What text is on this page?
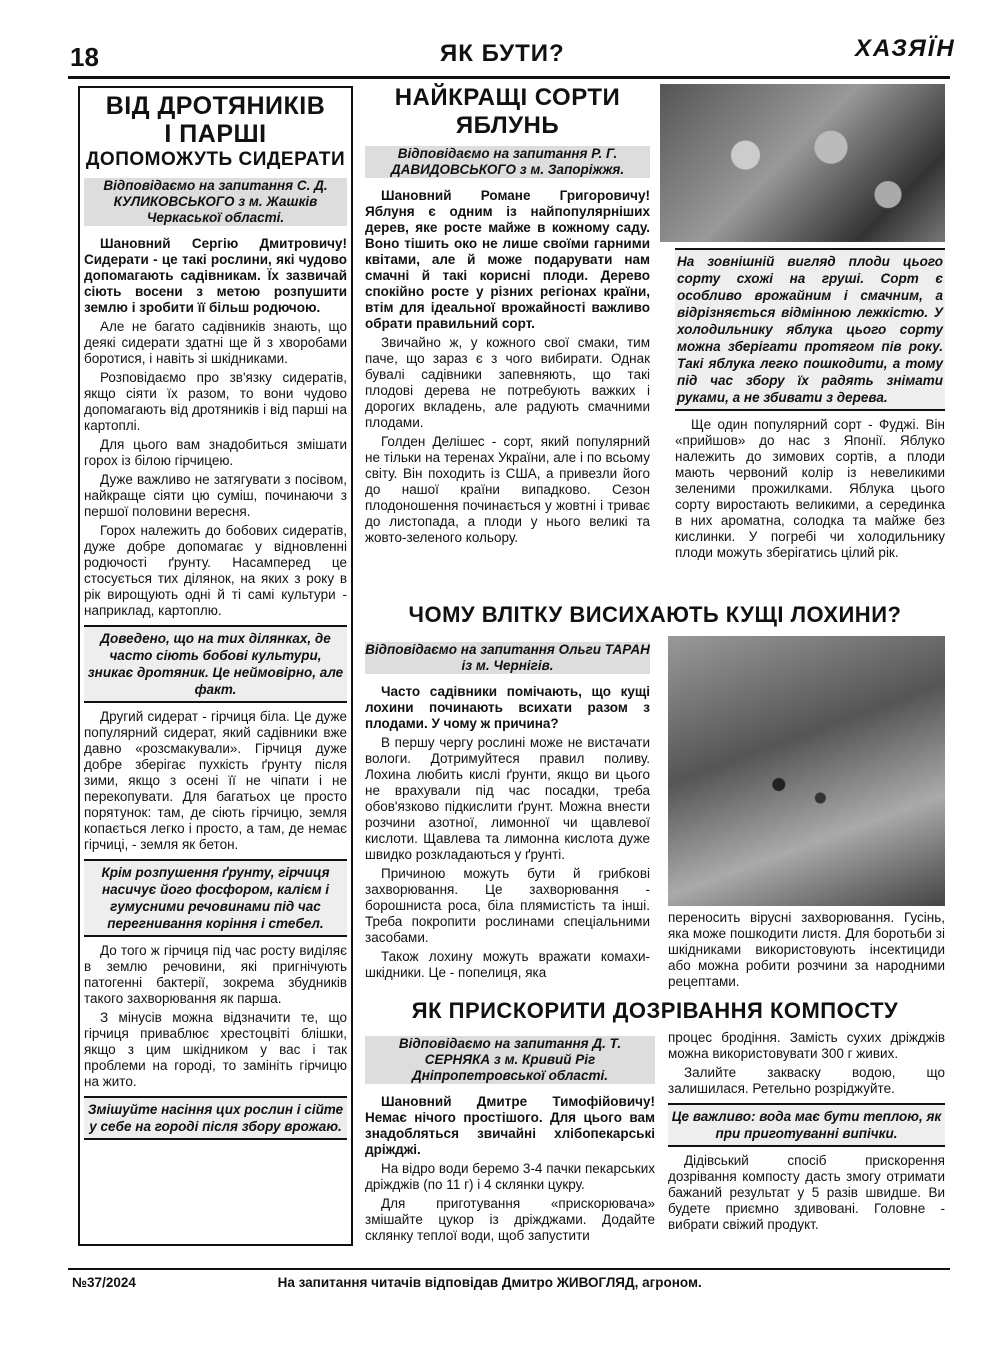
18	ЯК БУТИ?	ХАЗЯЇН
ВІД ДРОТЯНИКІВ
І ПАРШІ
ДОПОМОЖУТЬ СИДЕРАТИ
Відповідаємо на запитання С. Д. КУЛИКОВСЬКОГО з м. Жашків Черкаської області.

Шановний Сергію Дмитровичу! Сидерати - це такі рослини, які чудово допомагають садівникам. Їх зазвичай сіють восени з метою розпушити землю і зробити її більш родючою.

Але не багато садівників знають, що деякі сидерати здатні ще й з хворобами боротися, і навіть зі шкідниками.

Розповідаємо про зв'язку сидератів, якщо сіяти їх разом, то вони чудово допомагають від дротяників і від парші на картоплі.

Для цього вам знадобиться змішати горох із білою гірчицею.

Дуже важливо не затягувати з посівом, найкраще сіяти цю суміш, починаючи з першої половини вересня.

Горох належить до бобових сидератів, дуже добре допомагає у відновленні родючості ґрунту. Насамперед це стосується тих ділянок, на яких з року в рік вирощують одні й ті самі культури - наприклад, картоплю.

Доведено, що на тих ділянках, де часто сіють бобові культури, зникає дротяник. Це неймовірно, але факт.

Другий сидерат - гірчиця біла. Це дуже популярний сидерат, який садівники вже давно «розсмакували». Гірчиця дуже добре зберігає пухкість ґрунту після зими, якщо з осені її не чіпати і не перекопувати. Для багатьох це просто порятунок: там, де сіють гірчицю, земля копається легко і просто, а там, де немає гірчиці, - земля як бетон.

Крім розпушення ґрунту, гірчиця насичує його фосфором, калієм і гумусними речовинами під час перегнивання коріння і стебел.

До того ж гірчиця під час росту виділяє в землю речовини, які пригнічують патогенні бактерії, зокрема збудників такого захворювання як парша.

З мінусів можна відзначити те, що гірчиця приваблює хрестоцвіті блішки, якщо з цим шкідником у вас і так проблеми на городі, то замініть гірчицю на жито.

Змішуйте насіння цих рослин і сійте у себе на городі після збору врожаю.
НАЙКРАЩІ СОРТИ
ЯБЛУНЬ
Відповідаємо на запитання Р. Г. ДАВИДОВСЬКОГО з м. Запоріжжя.

Шановний Романе Григоровичу! Яблуня є одним із найпопулярніших дерев, яке росте майже в кожному саду. Воно тішить око не лише своїми гарними квітами, але й може подарувати нам смачні й такі корисні плоди. Дерево спокійно росте у різних регіонах країни, втім для ідеальної врожайності важливо обрати правильний сорт.

Звичайно ж, у кожного свої смаки, тим паче, що зараз є з чого вибирати. Однак бувалі садівники запевняють, що такі плодові дерева не потребують важких і дорогих вкладень, але радують смачними плодами.

Голден Делішес - сорт, який популярний не тільки на теренах України, але і по всьому світу. Він походить із США, а привезли його до нашої країни випадково. Сезон плодоношення починається у жовтні і триває до листопада, а плоди у нього великі та жовто-зеленого кольору.

На зовнішній вигляд плоди цього сорту схожі на груші. Сорт є особливо врожайним і смачним, а відрізняється відмінною лежкістю. У холодильнику яблука цього сорту можна зберігати протягом пів року. Такі яблука легко пошкодити, а тому під час збору їх радять знімати руками, а не збивати з дерева.

Ще один популярний сорт - Фуджі. Він «прийшов» до нас з Японії. Яблуко належить до зимових сортів, а плоди мають червоний колір із невеликими зеленими прожилками. Яблука цього сорту виростають великими, а серединка в них ароматна, солодка та майже без кислинки. У погребі чи холодильнику плоди можуть зберігатись цілий рік.

ЧОМУ ВЛІТКУ ВИСИХАЮТЬ КУЩІ ЛОХИНИ?
Відповідаємо на запитання Ольги ТАРАН із м. Чернігів.

Часто садівники помічають, що кущі лохини починають всихати разом з плодами. У чому ж причина?

В першу чергу рослині може не вистачати вологи. Дотримуйтеся правил поливу. Лохина любить кислі ґрунти, якщо ви цього не врахували під час посадки, треба обов'язково підкислити ґрунт. Можна внести розчини азотної, лимонної чи щавлевої кислоти. Щавлева та лимонна кислота дуже швидко розкладаються у ґрунті.

Причиною можуть бути й грибкові захворювання. Це захворювання - борошниста роса, біла плямистість та інші. Треба покропити рослинами спеціальними засобами.

Також лохину можуть вражати комахи-шкідники. Це - попелиця, яка

переносить вірусні захворювання. Гусінь, яка може пошкодити листя. Для боротьби зі шкідниками використовують інсектициди або можна робити розчини за народними рецептами.

ЯК ПРИСКОРИТИ ДОЗРІВАННЯ КОМПОСТУ
Відповідаємо на запитання Д. Т. СЕРНЯКА з м. Кривий Ріг Дніпропетровської області.

Шановний Дмитре Тимофійовичу! Немає нічого простішого. Для цього вам знадобляться звичайні хлібопекарські дріжджі.

На відро води беремо 3-4 пачки пекарських дріжджів (по 11 г) і 4 склянки цукру.

Для приготування «прискорювача» змішайте цукор із дріжджами. Додайте склянку теплої води, щоб запустити

процес бродіння. Замість сухих дріжджів можна використовувати 300 г живих.

Залийте закваску водою, що залишилася. Ретельно розріджуйте.

Це важливо: вода має бути теплою, як при приготуванні випічки.

Дідівський спосіб прискорення дозрівання компосту дасть змогу отримати бажаний результат у 5 разів швидше. Ви будете приємно здивовані. Головне - вибрати свіжий продукт.

№37/2024	На запитання читачів відповідав Дмитро ЖИВОГЛЯД, агроном.
